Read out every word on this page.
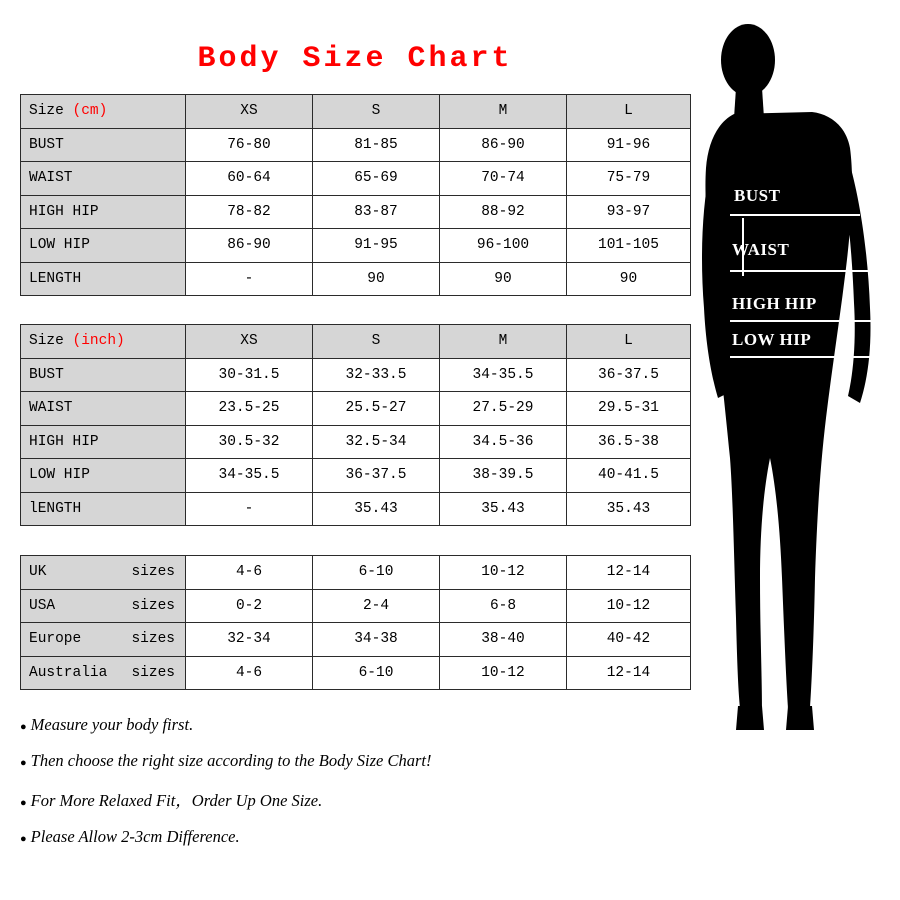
Body Size Chart
Size (cm)	XS	S	M	L
BUST	76-80	81-85	86-90	91-96
WAIST	60-64	65-69	70-74	75-79
HIGH HIP	78-82	83-87	88-92	93-97
LOW HIP	86-90	91-95	96-100	101-105
LENGTH	-	90	90	90
Size (inch)	XS	S	M	L
BUST	30-31.5	32-33.5	34-35.5	36-37.5
WAIST	23.5-25	25.5-27	27.5-29	29.5-31
HIGH HIP	30.5-32	32.5-34	34.5-36	36.5-38
LOW HIP	34-35.5	36-37.5	38-39.5	40-41.5
lENGTH	-	35.43	35.43	35.43
UK sizes	4-6	6-10	10-12	12-14

USA sizes	0-2	2-4	6-8	10-12

Europe sizes	32-34	34-38	38-40	40-42

Australia sizes	4-6	6-10	10-12	12-14
● Measure your body first.
● Then choose the right size according to the Body Size Chart!
● For More Relaxed Fit，Order Up One Size.
● Please Allow 2-3cm Difference.
BUST
WAIST
HIGH HIP
LOW HIP
